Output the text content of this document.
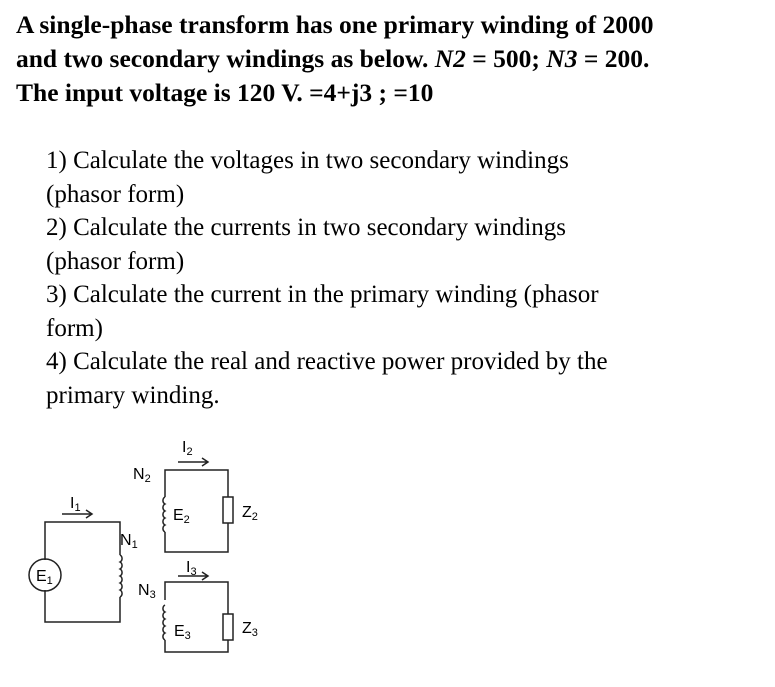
A single-phase transform has one primary winding of 2000

and two secondary windings as below. N2 = 500; N3 = 200.

The input voltage is 120 V. =4+j3 ; =10

1) Calculate the voltages in two secondary windings
(phasor form)
2) Calculate the currents in two secondary windings
(phasor form)
3) Calculate the current in the primary winding (phasor
form)
4) Calculate the real and reactive power provided by the
primary winding.
E1
I1
N1
N2
N3
I2
I3
E2
E3
Z2
Z3
